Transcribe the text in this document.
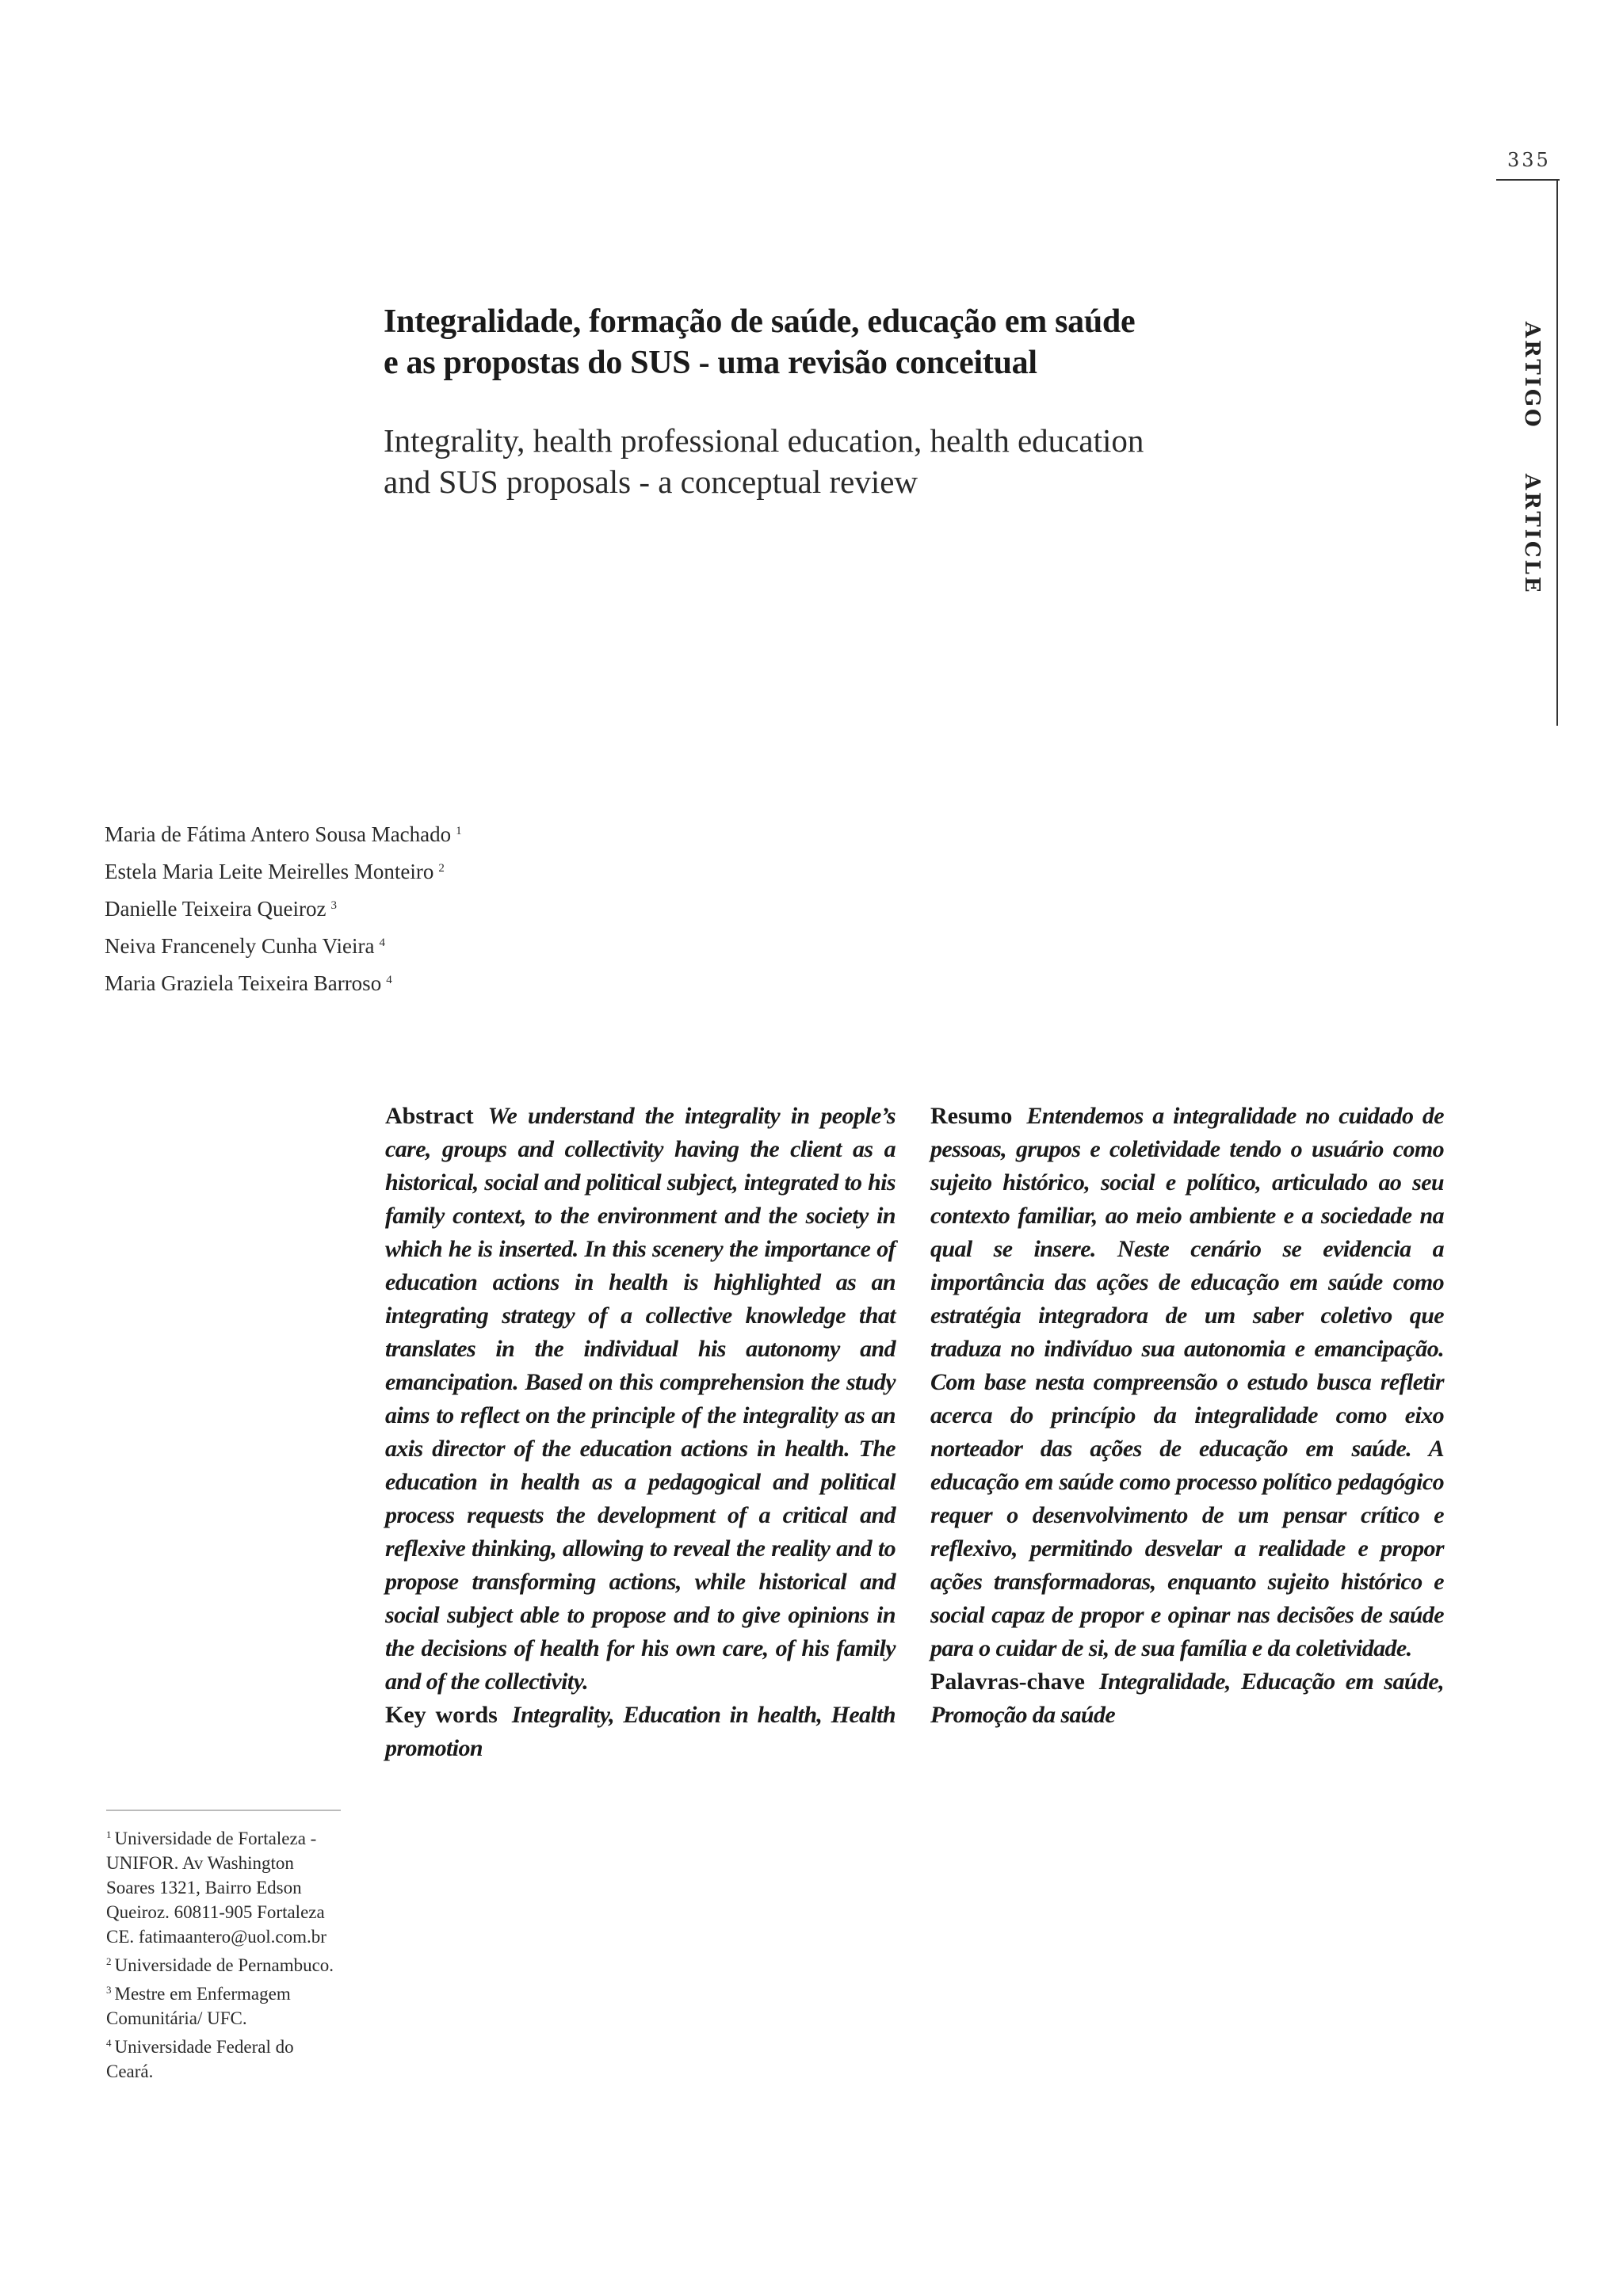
335
ARTIGO ARTICLE
Integralidade, formação de saúde, educação em saúde
e as propostas do SUS - uma revisão conceitual
Integrality, health professional education, health education
and SUS proposals - a conceptual review
Maria de Fátima Antero Sousa Machado $^1$
Estela Maria Leite Meirelles Monteiro $^2$
Danielle Teixeira Queiroz $^3$
Neiva Francenely Cunha Vieira $^4$
Maria Graziela Teixeira Barroso $^4$

Abstract We understand the integrality in people’s care, groups and collectivity having the client as a historical, social and political subject, integrated to his family context, to the environment and the society in which he is inserted. In this scenery the importance of education actions in health is highlighted as an integrating strategy of a collective knowledge that translates in the individual his autonomy and emancipation. Based on this comprehension the study aims to reflect on the principle of the integrality as an axis director of the education actions in health. The education in health as a pedagogical and political process requests the development of a critical and reflexive thinking, allowing to reveal the reality and to propose transforming actions, while historical and social subject able to propose and to give opinions in the decisions of health for his own care, of his family and of the collectivity.

Key words Integrality, Education in health, Health promotion

Resumo Entendemos a integralidade no cuidado de pessoas, grupos e coletividade tendo o usuário como sujeito histórico, social e político, articulado ao seu contexto familiar, ao meio ambiente e a sociedade na qual se insere. Neste cenário se evidencia a importância das ações de educação em saúde como estratégia integradora de um saber coletivo que traduza no indivíduo sua autonomia e emancipação. Com base nesta compreensão o estudo busca refletir acerca do princípio da integralidade como eixo norteador das ações de educação em saúde. A educação em saúde como processo político pedagógico requer o desenvolvimento de um pensar crítico e reflexivo, permitindo desvelar a realidade e propor ações transformadoras, enquanto sujeito histórico e social capaz de propor e opinar nas decisões de saúde para o cuidar de si, de sua família e da coletividade.

Palavras-chave Integralidade, Educação em saúde, Promoção da saúde

$^1$ Universidade de Fortaleza - UNIFOR. Av Washington Soares 1321, Bairro Edson Queiroz. 60811-905 Fortaleza CE. fatimaantero@uol.com.br

$^2$ Universidade de Pernambuco.

$^3$ Mestre em Enfermagem Comunitária/ UFC.

$^4$ Universidade Federal do Ceará.
